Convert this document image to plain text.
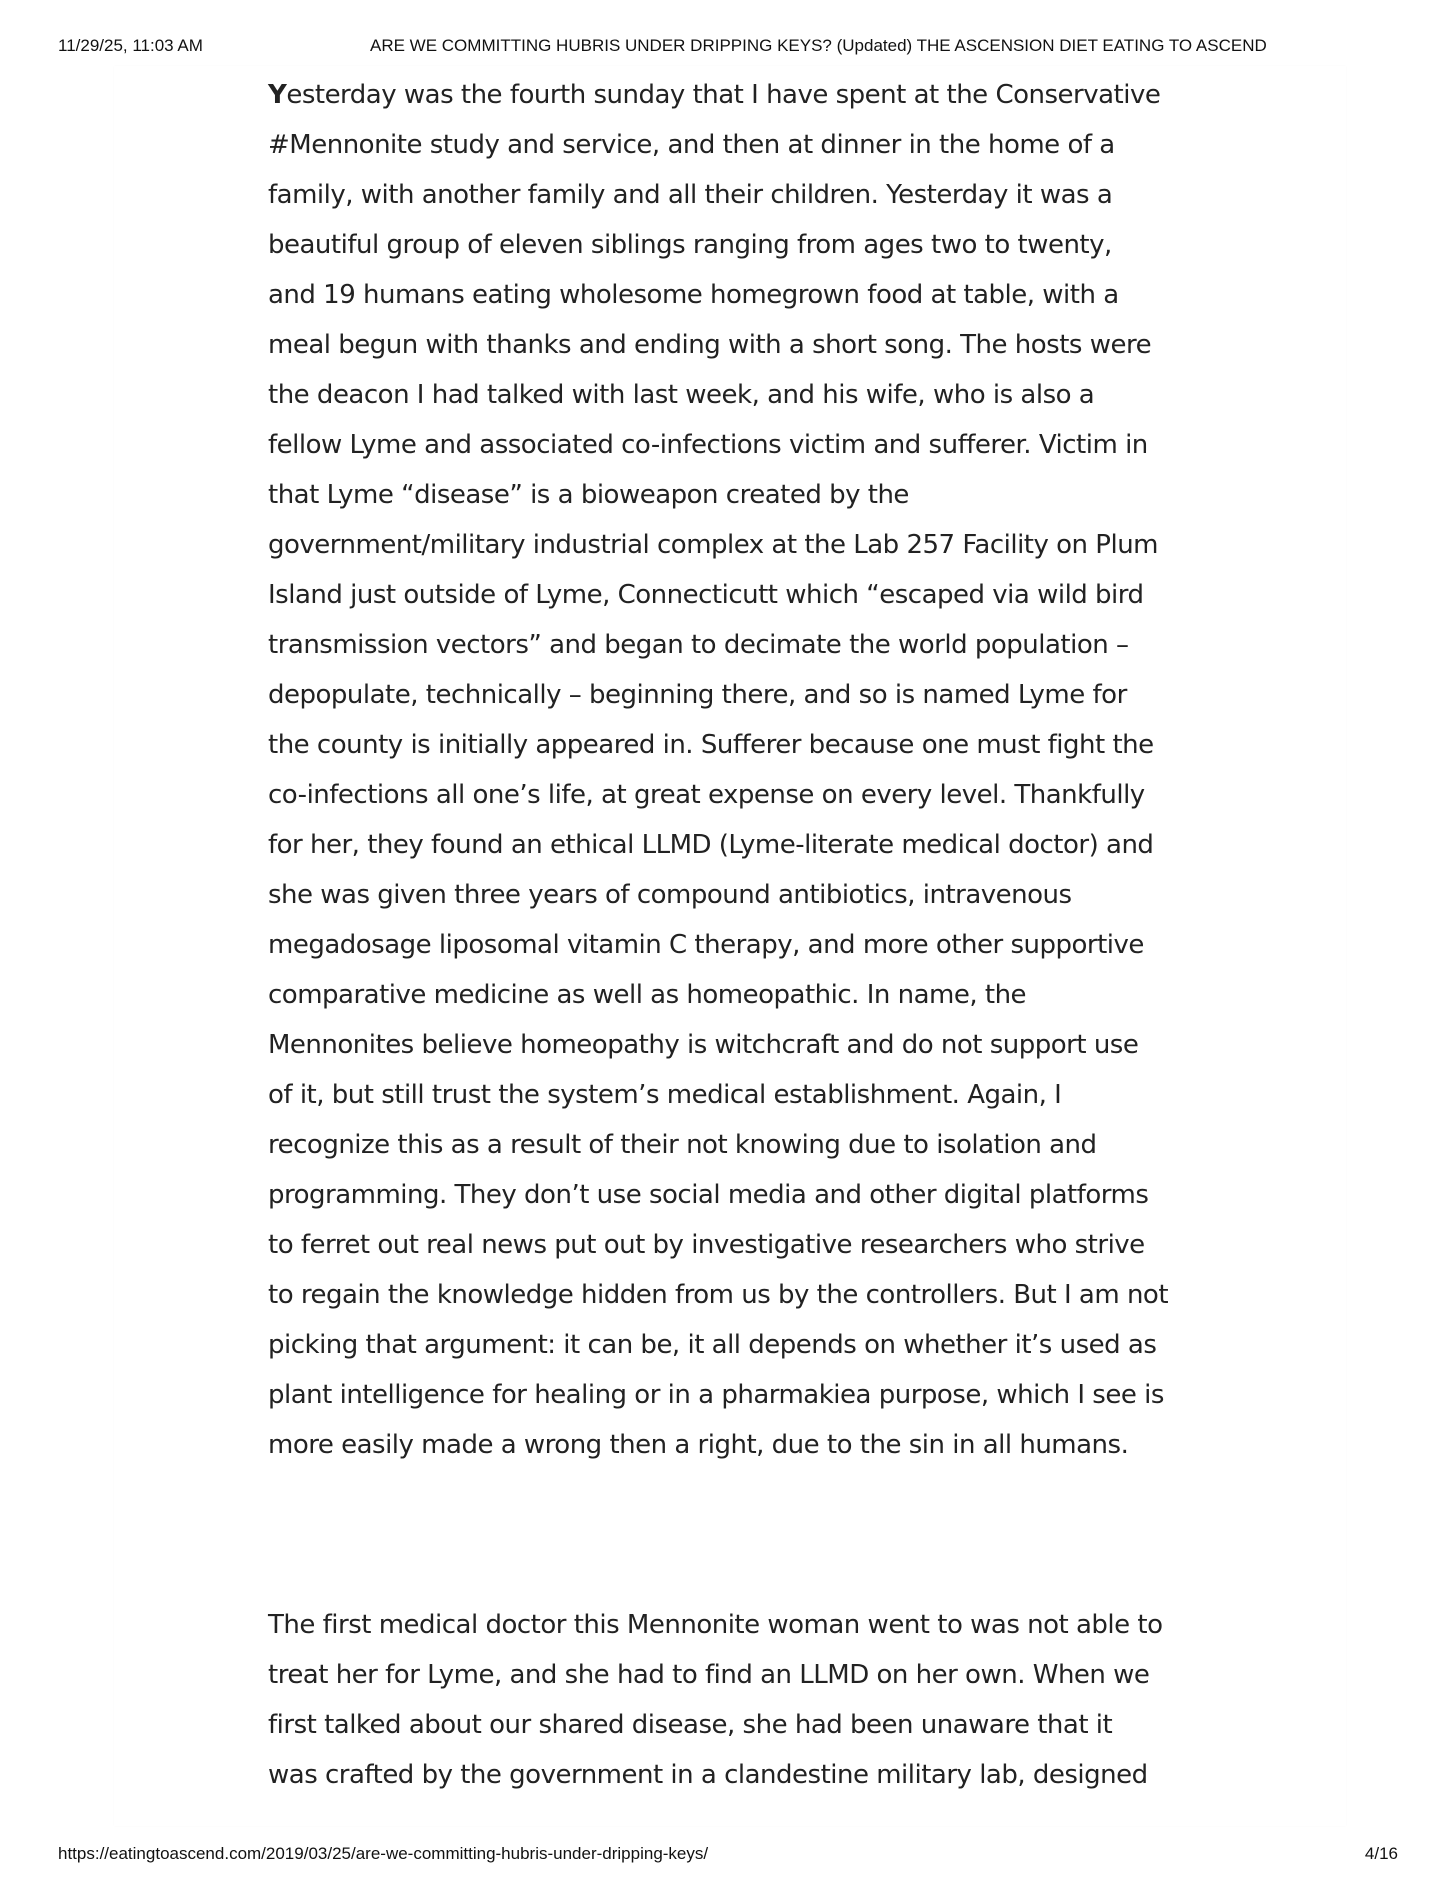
11/29/25, 11:03 AM	ARE WE COMMITTING HUBRIS UNDER DRIPPING KEYS? (Updated) THE ASCENSION DIET EATING TO ASCEND
Yesterday was the fourth sunday that I have spent at the Conservative
#Mennonite study and service, and then at dinner in the home of a
family, with another family and all their children. Yesterday it was a
beautiful group of eleven siblings ranging from ages two to twenty,
and 19 humans eating wholesome homegrown food at table, with a
meal begun with thanks and ending with a short song. The hosts were
the deacon I had talked with last week, and his wife, who is also a
fellow Lyme and associated co-infections victim and sufferer. Victim in
that Lyme “disease” is a bioweapon created by the
government/military industrial complex at the Lab 257 Facility on Plum
Island just outside of Lyme, Connecticutt which “escaped via wild bird
transmission vectors” and began to decimate the world population –
depopulate, technically – beginning there, and so is named Lyme for
the county is initially appeared in. Sufferer because one must fight the
co-infections all one’s life, at great expense on every level. Thankfully
for her, they found an ethical LLMD (Lyme-literate medical doctor) and
she was given three years of compound antibiotics, intravenous
megadosage liposomal vitamin C therapy, and more other supportive
comparative medicine as well as homeopathic. In name, the
Mennonites believe homeopathy is witchcraft and do not support use
of it, but still trust the system’s medical establishment. Again, I
recognize this as a result of their not knowing due to isolation and
programming. They don’t use social media and other digital platforms
to ferret out real news put out by investigative researchers who strive
to regain the knowledge hidden from us by the controllers. But I am not
picking that argument: it can be, it all depends on whether it’s used as
plant intelligence for healing or in a pharmakiea purpose, which I see is
more easily made a wrong then a right, due to the sin in all humans.
The first medical doctor this Mennonite woman went to was not able to
treat her for Lyme, and she had to find an LLMD on her own. When we
first talked about our shared disease, she had been unaware that it
was crafted by the government in a clandestine military lab, designed
https://eatingtoascend.com/2019/03/25/are-we-committing-hubris-under-dripping-keys/	4/16
